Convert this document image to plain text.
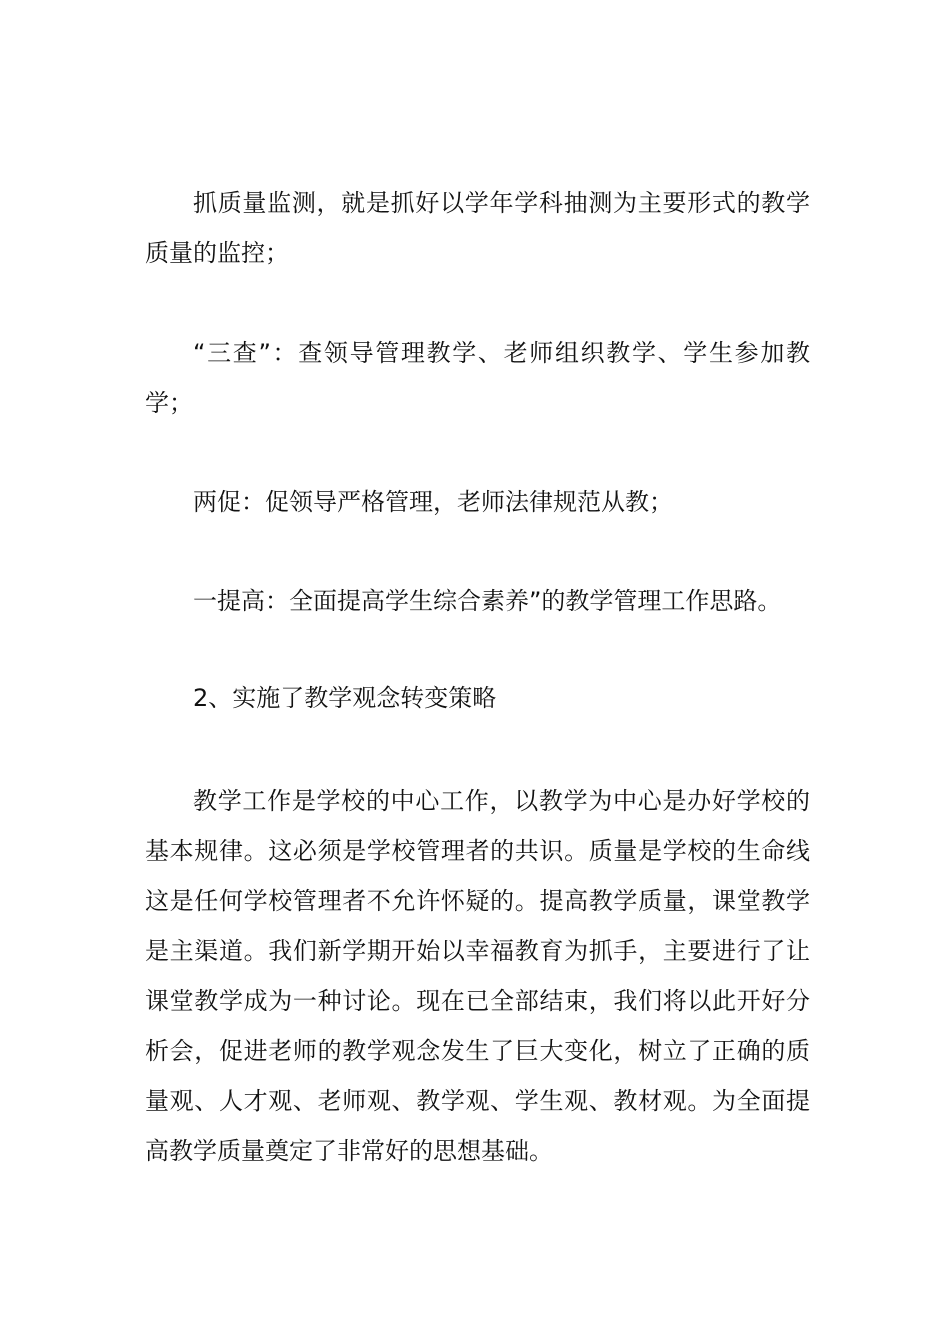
抓质量监测，就是抓好以学年学科抽测为主要形式的教学质量的监控；

“三查”：查领导管理教学、老师组织教学、学生参加教学；

两促：促领导严格管理，老师法律规范从教；

一提高：全面提高学生综合素养”的教学管理工作思路。

2、实施了教学观念转变策略

教学工作是学校的中心工作，以教学为中心是办好学校的基本规律。这必须是学校管理者的共识。质量是学校的生命线这是任何学校管理者不允许怀疑的。提高教学质量，课堂教学是主渠道。我们新学期开始以幸福教育为抓手，主要进行了让课堂教学成为一种讨论。现在已全部结束，我们将以此开好分析会，促进老师的教学观念发生了巨大变化，树立了正确的质量观、人才观、老师观、教学观、学生观、教材观。为全面提高教学质量奠定了非常好的思想基础。
